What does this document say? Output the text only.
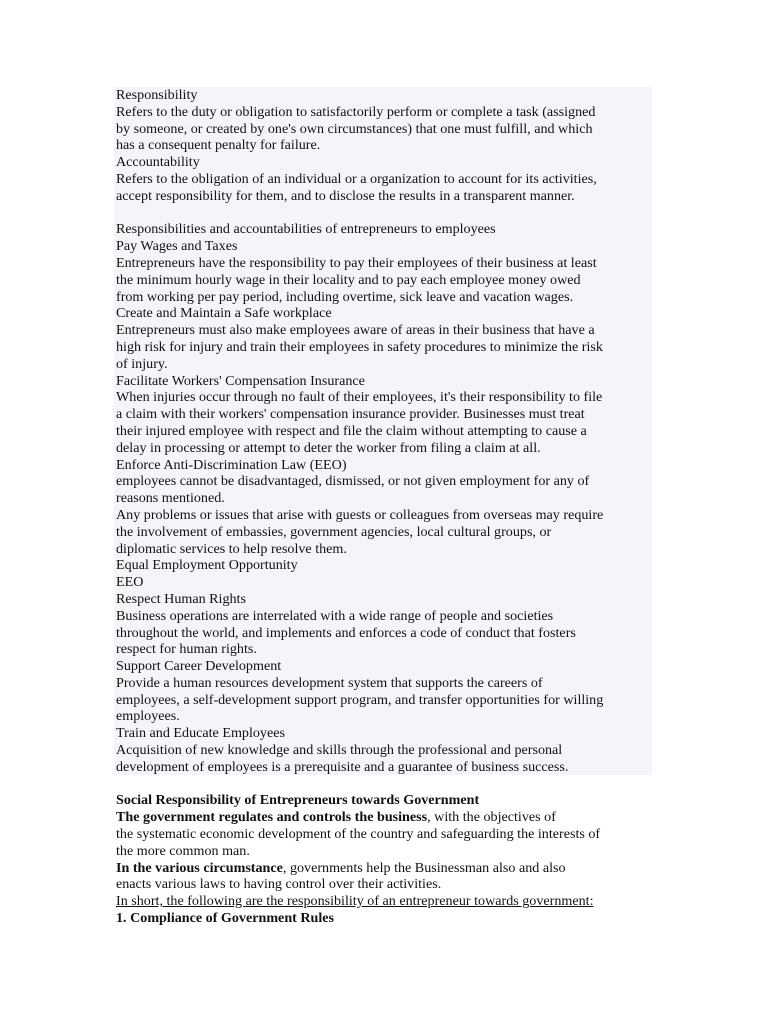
Responsibility
Refers to the duty or obligation to satisfactorily perform or complete a task (assigned
by someone, or created by one's own circumstances) that one must fulfill, and which
has a consequent penalty for failure.
Accountability
Refers to the obligation of an individual or a organization to account for its activities,
accept responsibility for them, and to disclose the results in a transparent manner.
Responsibilities and accountabilities of entrepreneurs to employees
Pay Wages and Taxes
Entrepreneurs have the responsibility to pay their employees of their business at least
the minimum hourly wage in their locality and to pay each employee money owed
from working per pay period, including overtime, sick leave and vacation wages.
Create and Maintain a Safe workplace
Entrepreneurs must also make employees aware of areas in their business that have a
high risk for injury and train their employees in safety procedures to minimize the risk
of injury.
Facilitate Workers' Compensation Insurance
When injuries occur through no fault of their employees, it's their responsibility to file
a claim with their workers' compensation insurance provider. Businesses must treat
their injured employee with respect and file the claim without attempting to cause a
delay in processing or attempt to deter the worker from filing a claim at all.
Enforce Anti-Discrimination Law (EEO)
employees cannot be disadvantaged, dismissed, or not given employment for any of
reasons mentioned.
Any problems or issues that arise with guests or colleagues from overseas may require
the involvement of embassies, government agencies, local cultural groups, or
diplomatic services to help resolve them.
Equal Employment Opportunity
EEO
Respect Human Rights
Business operations are interrelated with a wide range of people and societies
throughout the world, and implements and enforces a code of conduct that fosters
respect for human rights.
Support Career Development
Provide a human resources development system that supports the careers of
employees, a self-development support program, and transfer opportunities for willing
employees.
Train and Educate Employees
Acquisition of new knowledge and skills through the professional and personal
development of employees is a prerequisite and a guarantee of business success.
Social Responsibility of Entrepreneurs towards Government
The government regulates and controls the business, with the objectives of
the systematic economic development of the country and safeguarding the interests of
the more common man.
In the various circumstance, governments help the Businessman also and also
enacts various laws to having control over their activities.
In short, the following are the responsibility of an entrepreneur towards government:
1. Compliance of Government Rules
